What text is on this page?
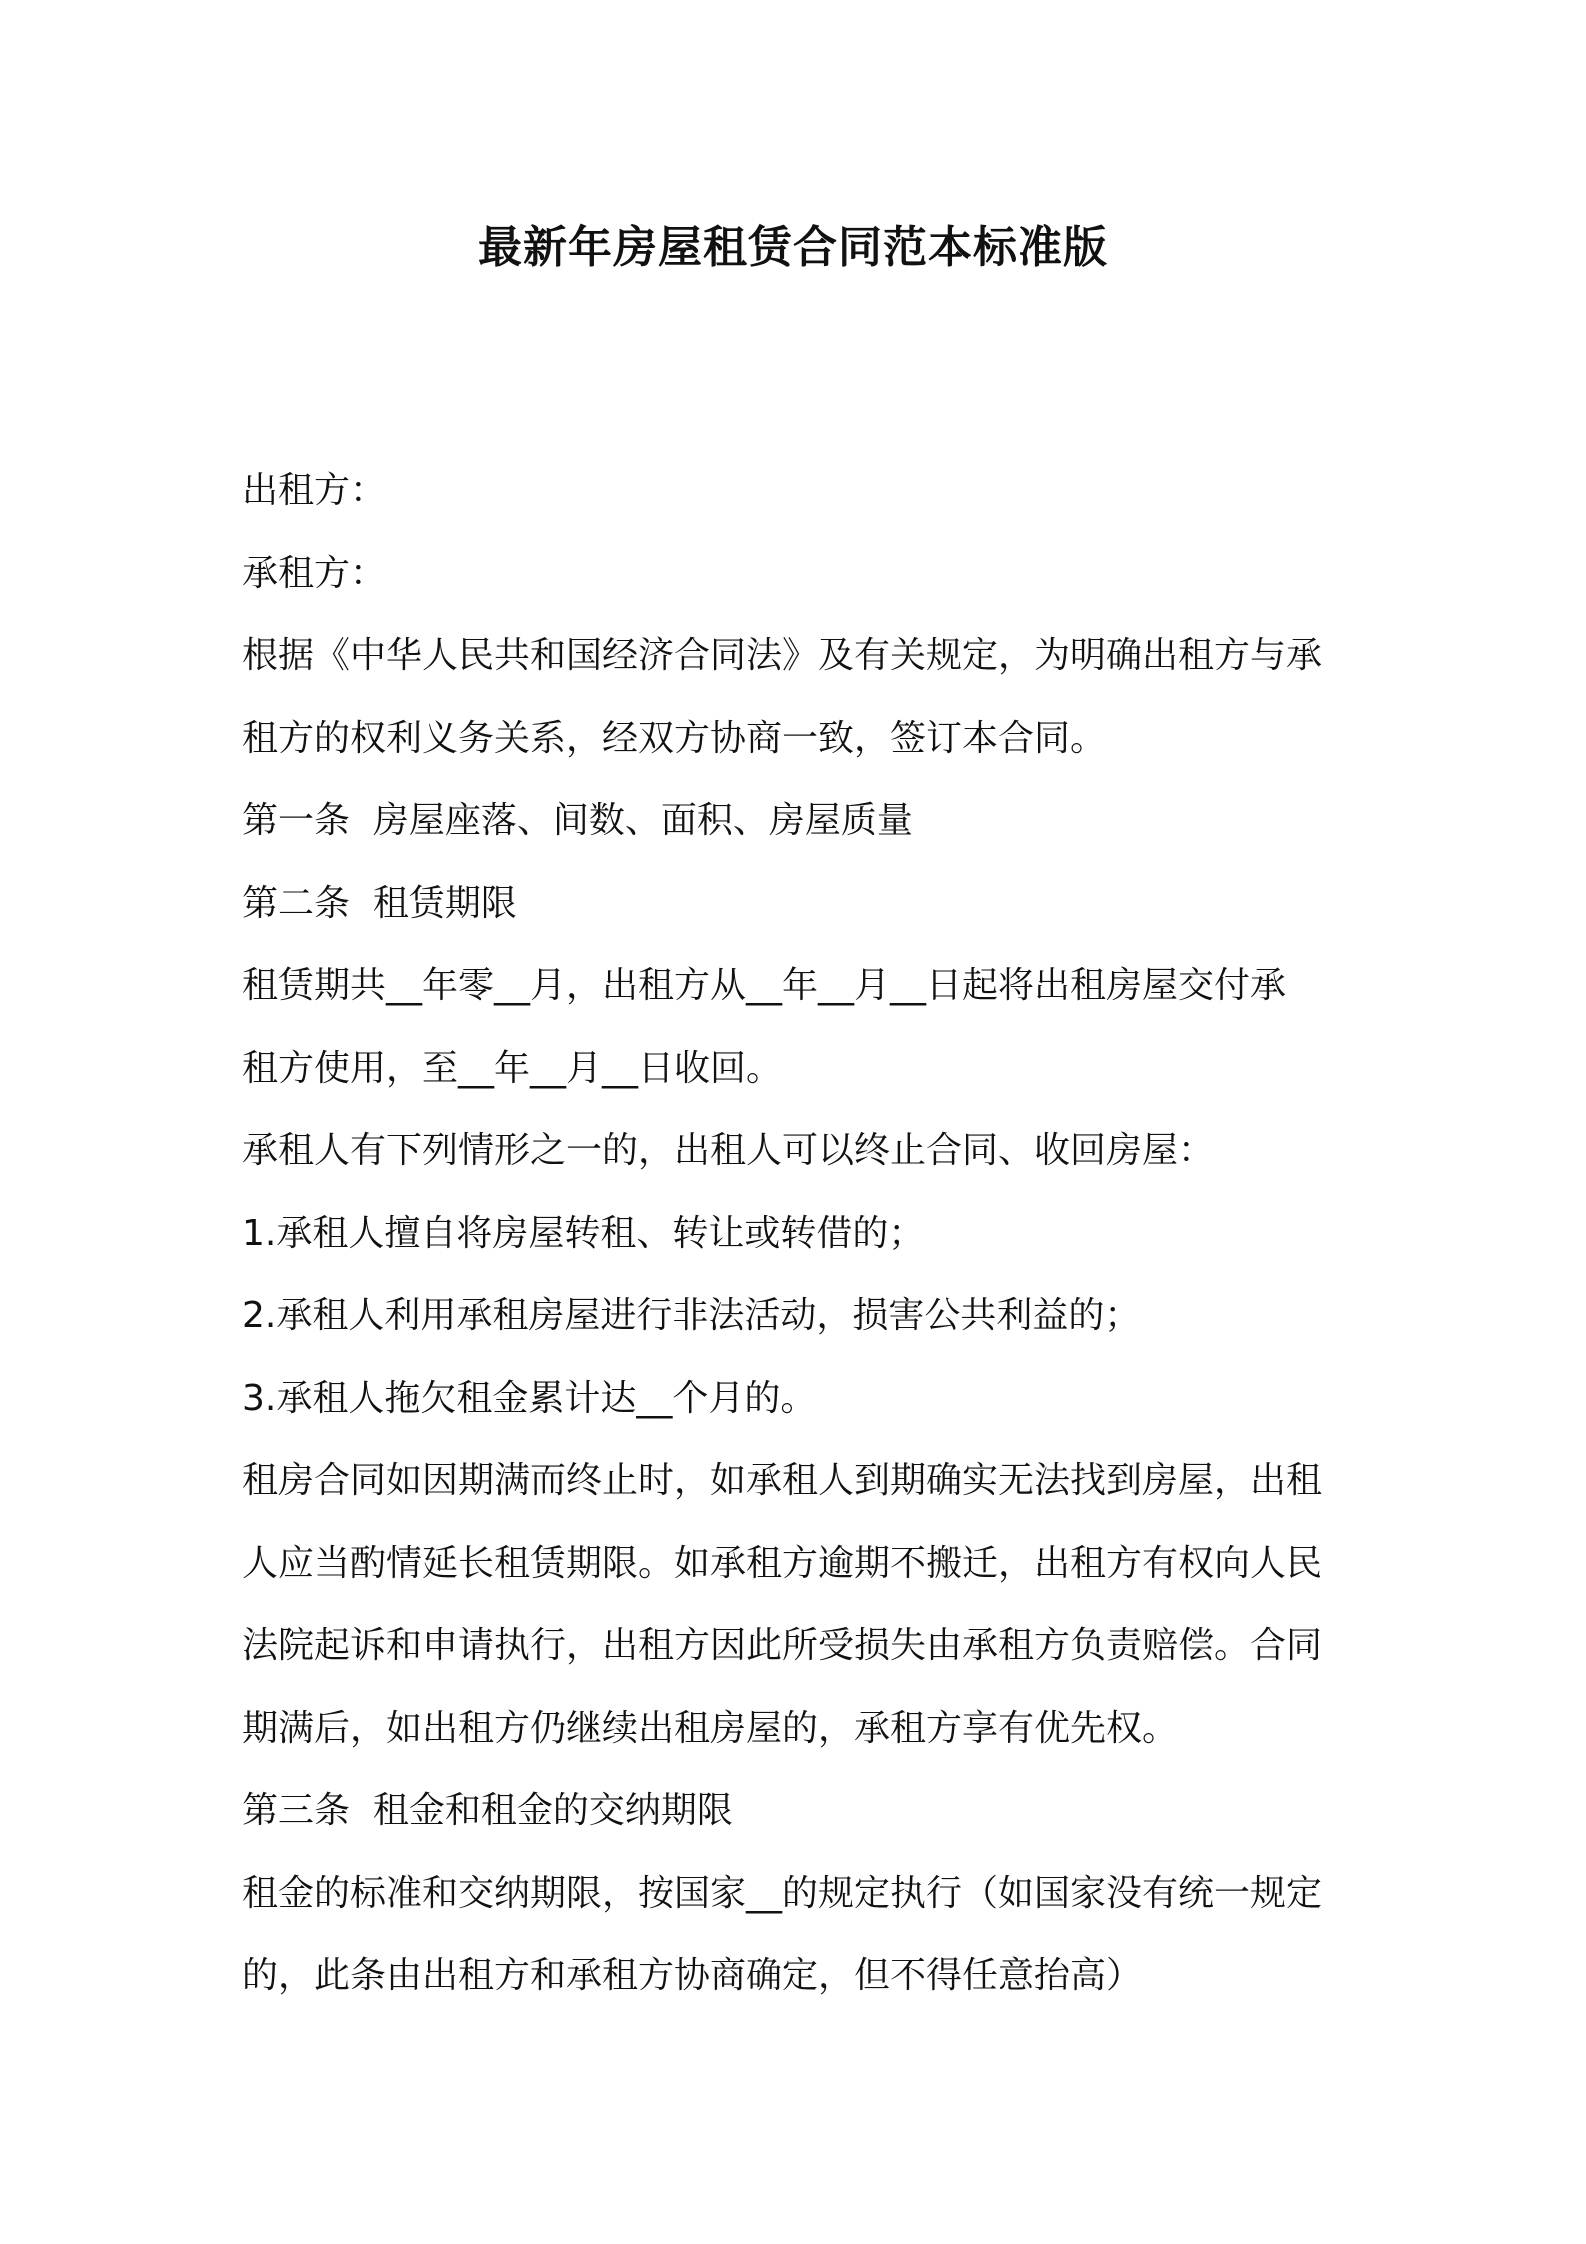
最新年房屋租赁合同范本标准版

出租方：

承租方：

根据《中华人民共和国经济合同法》及有关规定，为明确出租方与承

租方的权利义务关系，经双方协商一致，签订本合同。

第一条  房屋座落、间数、面积、房屋质量

第二条  租赁期限

租赁期共__年零__月，出租方从__年__月__日起将出租房屋交付承

租方使用，至__年__月__日收回。

承租人有下列情形之一的，出租人可以终止合同、收回房屋：

1.承租人擅自将房屋转租、转让或转借的；

2.承租人利用承租房屋进行非法活动，损害公共利益的；

3.承租人拖欠租金累计达__个月的。

租房合同如因期满而终止时，如承租人到期确实无法找到房屋，出租

人应当酌情延长租赁期限。如承租方逾期不搬迁，出租方有权向人民

法院起诉和申请执行，出租方因此所受损失由承租方负责赔偿。合同

期满后，如出租方仍继续出租房屋的，承租方享有优先权。

第三条  租金和租金的交纳期限

租金的标准和交纳期限，按国家__的规定执行（如国家没有统一规定

的，此条由出租方和承租方协商确定，但不得任意抬高）
